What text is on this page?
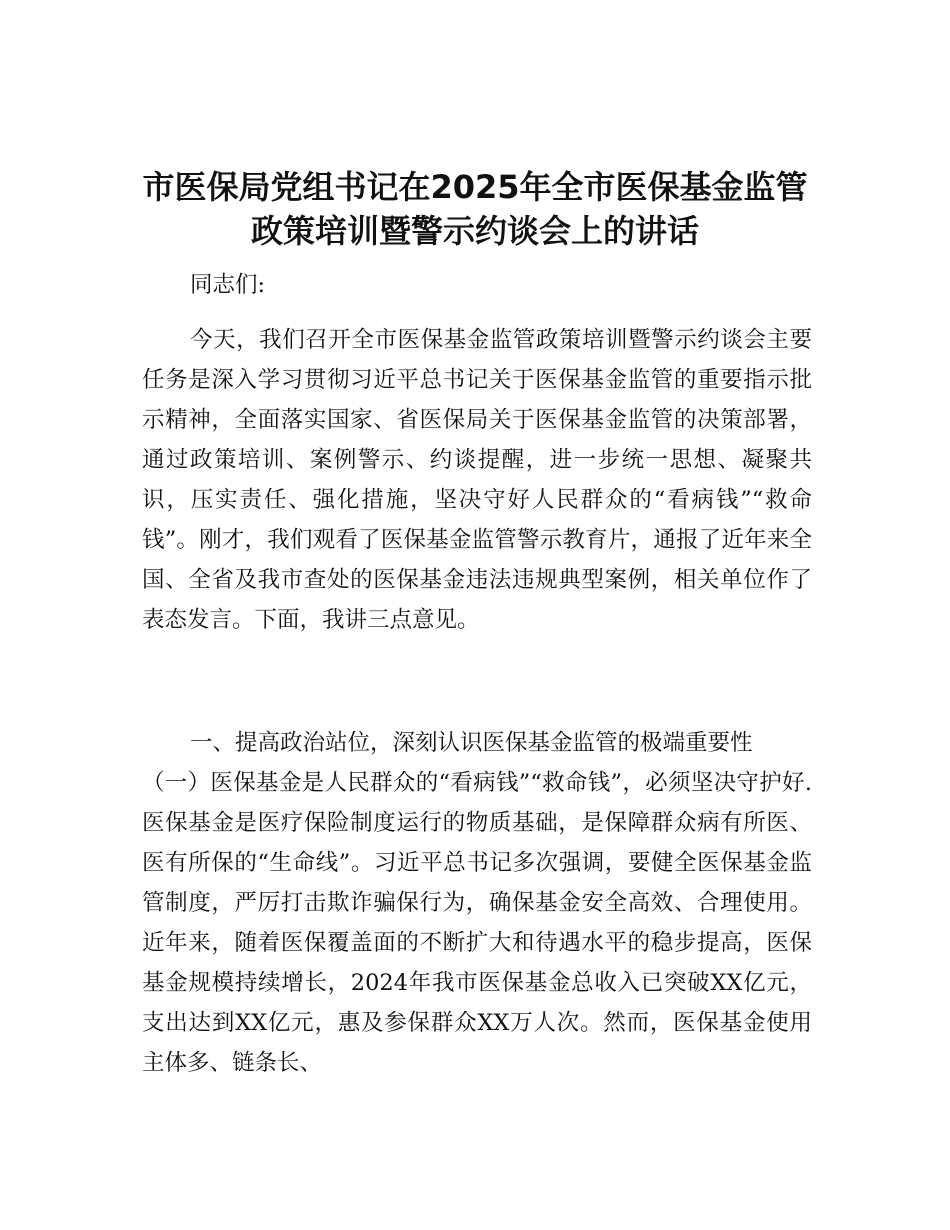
市医保局党组书记在2025年全市医保基金监管
政策培训暨警示约谈会上的讲话
同志们:
今天，我们召开全市医保基金监管政策培训暨警示约谈会主要任务是深入学习贯彻习近平总书记关于医保基金监管的重要指示批示精神，全面落实国家、省医保局关于医保基金监管的决策部署，通过政策培训、案例警示、约谈提醒，进一步统一思想、凝聚共识，压实责任、强化措施，坚决守好人民群众的“看病钱”“救命钱”。刚才，我们观看了医保基金监管警示教育片，通报了近年来全国、全省及我市查处的医保基金违法违规典型案例，相关单位作了表态发言。下面，我讲三点意见。
一、提高政治站位，深刻认识医保基金监管的极端重要性
（一）医保基金是人民群众的“看病钱”“救命钱”，必须坚决守护好.医保基金是医疗保险制度运行的物质基础，是保障群众病有所医、医有所保的“生命线”。习近平总书记多次强调，要健全医保基金监管制度，严厉打击欺诈骗保行为，确保基金安全高效、合理使用。近年来，随着医保覆盖面的不断扩大和待遇水平的稳步提高，医保基金规模持续增长，2024年我市医保基金总收入已突破XX亿元，支出达到XX亿元，惠及参保群众XX万人次。然而，医保基金使用主体多、链条长、
